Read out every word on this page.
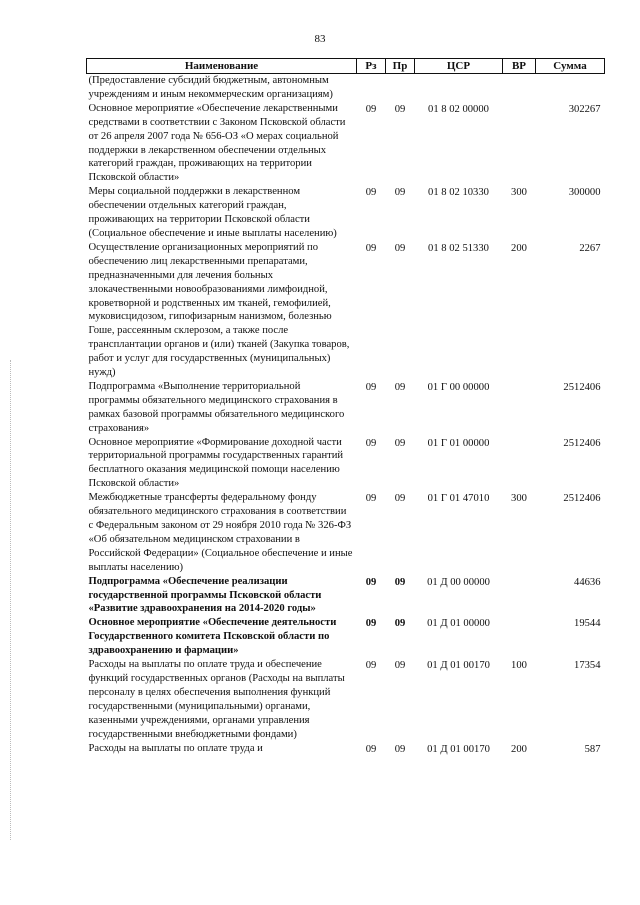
83
Наименование	Рз	Пр	ЦСР	ВР	Сумма
(Предоставление субсидий бюджетным, автономным учреждениям и иным некоммерческим организациям)					
Основное мероприятие «Обеспечение лекарственными средствами в соответствии с Законом Псковской области от 26 апреля 2007 года № 656-ОЗ «О мерах социальной поддержки в лекарственном обеспечении отдельных категорий граждан, проживающих на территории Псковской области»	09	09	01 8 02 00000		302267
Меры социальной поддержки в лекарственном обеспечении отдельных категорий граждан, проживающих на территории Псковской области (Социальное обеспечение и иные выплаты населению)	09	09	01 8 02 10330	300	300000
Осуществление организационных мероприятий по обеспечению лиц лекарственными препаратами, предназначенными для лечения больных злокачественными новообразованиями лимфоидной, кроветворной и родственных им тканей, гемофилией, муковисцидозом, гипофизарным нанизмом, болезнью Гоше, рассеянным склерозом, а также после трансплантации органов и (или) тканей (Закупка товаров, работ и услуг для государственных (муниципальных) нужд)	09	09	01 8 02 51330	200	2267
Подпрограмма «Выполнение территориальной программы обязательного медицинского страхования в рамках базовой программы обязательного медицинского страхования»	09	09	01 Г 00 00000		2512406
Основное мероприятие «Формирование доходной части территориальной программы государственных гарантий бесплатного оказания медицинской помощи населению Псковской области»	09	09	01 Г 01 00000		2512406
Межбюджетные трансферты федеральному фонду обязательного медицинского страхования в соответствии с Федеральным законом от 29 ноября 2010 года № 326-ФЗ «Об обязательном медицинском страховании в Российской Федерации» (Социальное обеспечение и иные выплаты населению)	09	09	01 Г 01 47010	300	2512406
Подпрограмма «Обеспечение реализации государственной программы Псковской области «Развитие здравоохранения на 2014-2020 годы»	09	09	01 Д 00 00000		44636
Основное мероприятие «Обеспечение деятельности Государственного комитета Псковской области по здравоохранению и фармации»	09	09	01 Д 01 00000		19544
Расходы на выплаты по оплате труда и обеспечение функций государственных органов (Расходы на выплаты персоналу в целях обеспечения выполнения функций государственными (муниципальными) органами, казенными учреждениями, органами управления государственными внебюджетными фондами)	09	09	01 Д 01 00170	100	17354
Расходы на выплаты по оплате труда и	09	09	01 Д 01 00170	200	587
